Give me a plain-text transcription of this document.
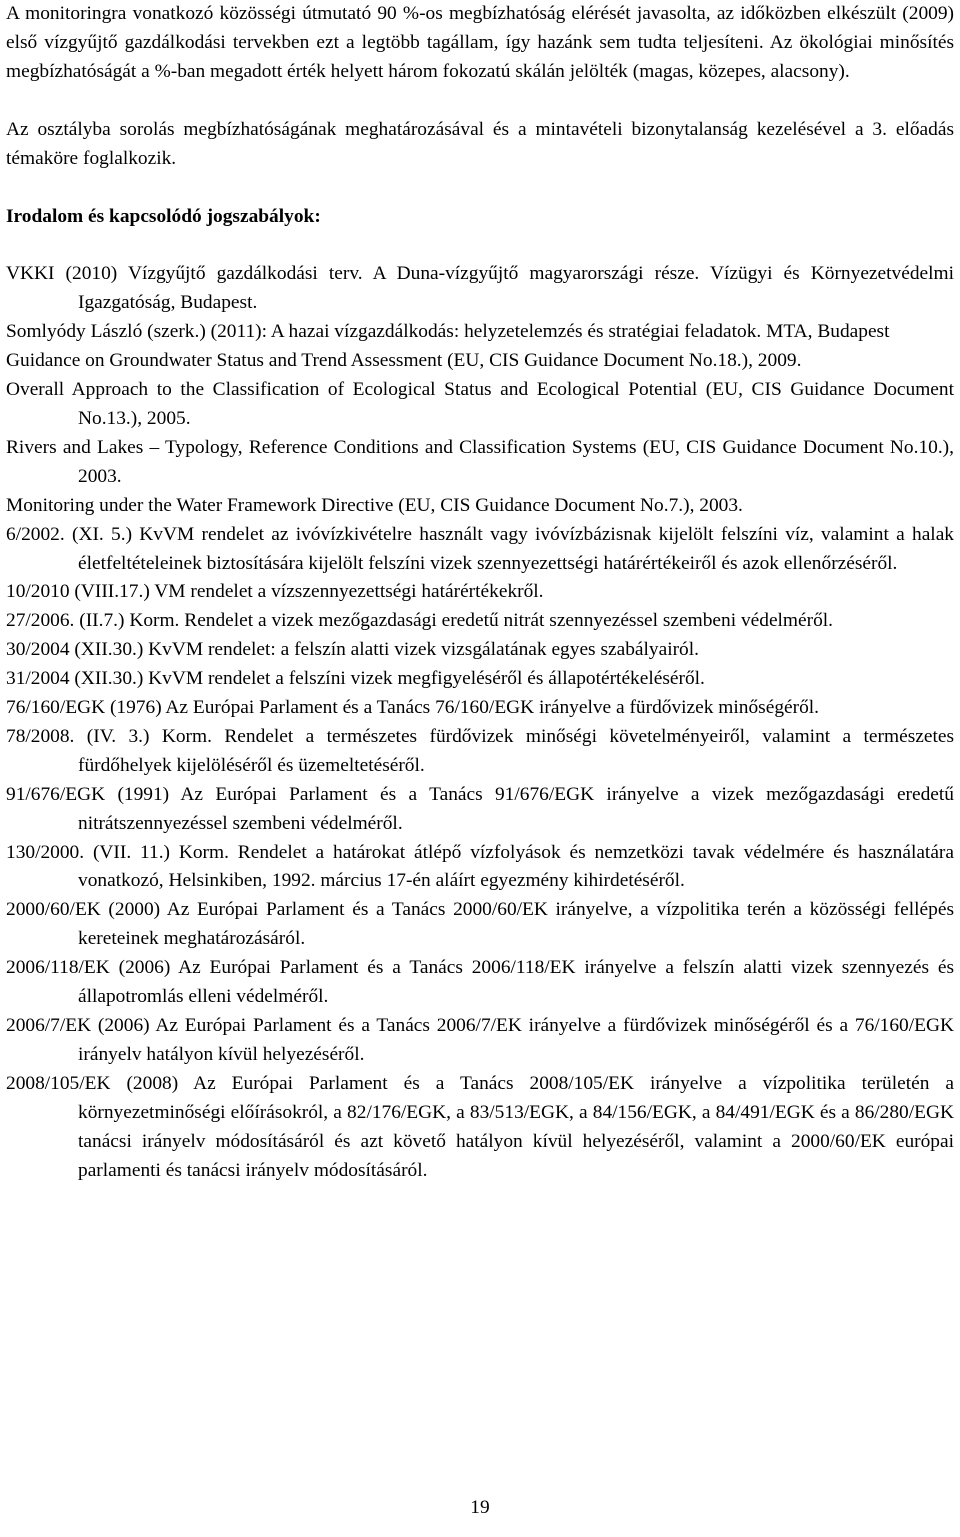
A monitoringra vonatkozó közösségi útmutató 90 %-os megbízhatóság elérését javasolta, az időközben elkészült (2009) első vízgyűjtő gazdálkodási tervekben ezt a legtöbb tagállam, így hazánk sem tudta teljesíteni. Az ökológiai minősítés megbízhatóságát a %-ban megadott érték helyett három fokozatú skálán jelölték (magas, közepes, alacsony).

Az osztályba sorolás megbízhatóságának meghatározásával és a mintavételi bizonytalanság kezelésével a 3. előadás témaköre foglalkozik.

Irodalom és kapcsolódó jogszabályok:

VKKI (2010) Vízgyűjtő gazdálkodási terv. A Duna-vízgyűjtő magyarországi része. Vízügyi és Környezetvédelmi Igazgatóság, Budapest.

Somlyódy László (szerk.) (2011): A hazai vízgazdálkodás: helyzetelemzés és stratégiai feladatok. MTA, Budapest

Guidance on Groundwater Status and Trend Assessment (EU, CIS Guidance Document No.18.), 2009.

Overall Approach to the Classification of Ecological Status and Ecological Potential (EU, CIS Guidance Document No.13.), 2005.

Rivers and Lakes – Typology, Reference Conditions and Classification Systems (EU, CIS Guidance Document No.10.), 2003.

Monitoring under the Water Framework Directive (EU, CIS Guidance Document No.7.), 2003.

6/2002. (XI. 5.) KvVM rendelet az ivóvízkivételre használt vagy ivóvízbázisnak kijelölt felszíni víz, valamint a halak életfeltételeinek biztosítására kijelölt felszíni vizek szennyezettségi határértékeiről és azok ellenőrzéséről.

10/2010 (VIII.17.) VM rendelet a vízszennyezettségi határértékekről.

27/2006. (II.7.) Korm. Rendelet a vizek mezőgazdasági eredetű nitrát szennyezéssel szembeni védelméről.

30/2004 (XII.30.) KvVM rendelet: a felszín alatti vizek vizsgálatának egyes szabályairól.

31/2004 (XII.30.) KvVM rendelet a felszíni vizek megfigyeléséről és állapotértékeléséről.

76/160/EGK (1976) Az Európai Parlament és a Tanács 76/160/EGK irányelve a fürdővizek minőségéről.

78/2008. (IV. 3.) Korm. Rendelet a természetes fürdővizek minőségi követelményeiről, valamint a természetes fürdőhelyek kijelöléséről és üzemeltetéséről.

91/676/EGK (1991) Az Európai Parlament és a Tanács 91/676/EGK irányelve a vizek mezőgazdasági eredetű nitrátszennyezéssel szembeni védelméről.

130/2000. (VII. 11.) Korm. Rendelet a határokat átlépő vízfolyások és nemzetközi tavak védelmére és használatára vonatkozó, Helsinkiben, 1992. március 17-én aláírt egyezmény kihirdetéséről.

2000/60/EK (2000) Az Európai Parlament és a Tanács 2000/60/EK irányelve, a vízpolitika terén a közösségi fellépés kereteinek meghatározásáról.

2006/118/EK (2006) Az Európai Parlament és a Tanács 2006/118/EK irányelve a felszín alatti vizek szennyezés és állapotromlás elleni védelméről.

2006/7/EK (2006) Az Európai Parlament és a Tanács 2006/7/EK irányelve a fürdővizek minőségéről és a 76/160/EGK irányelv hatályon kívül helyezéséről.

2008/105/EK (2008) Az Európai Parlament és a Tanács 2008/105/EK irányelve a vízpolitika területén a környezetminőségi előírásokról, a 82/176/EGK, a 83/513/EGK, a 84/156/EGK, a 84/491/EGK és a 86/280/EGK tanácsi irányelv módosításáról és azt követő hatályon kívül helyezéséről, valamint a 2000/60/EK európai parlamenti és tanácsi irányelv módosításáról.

19
